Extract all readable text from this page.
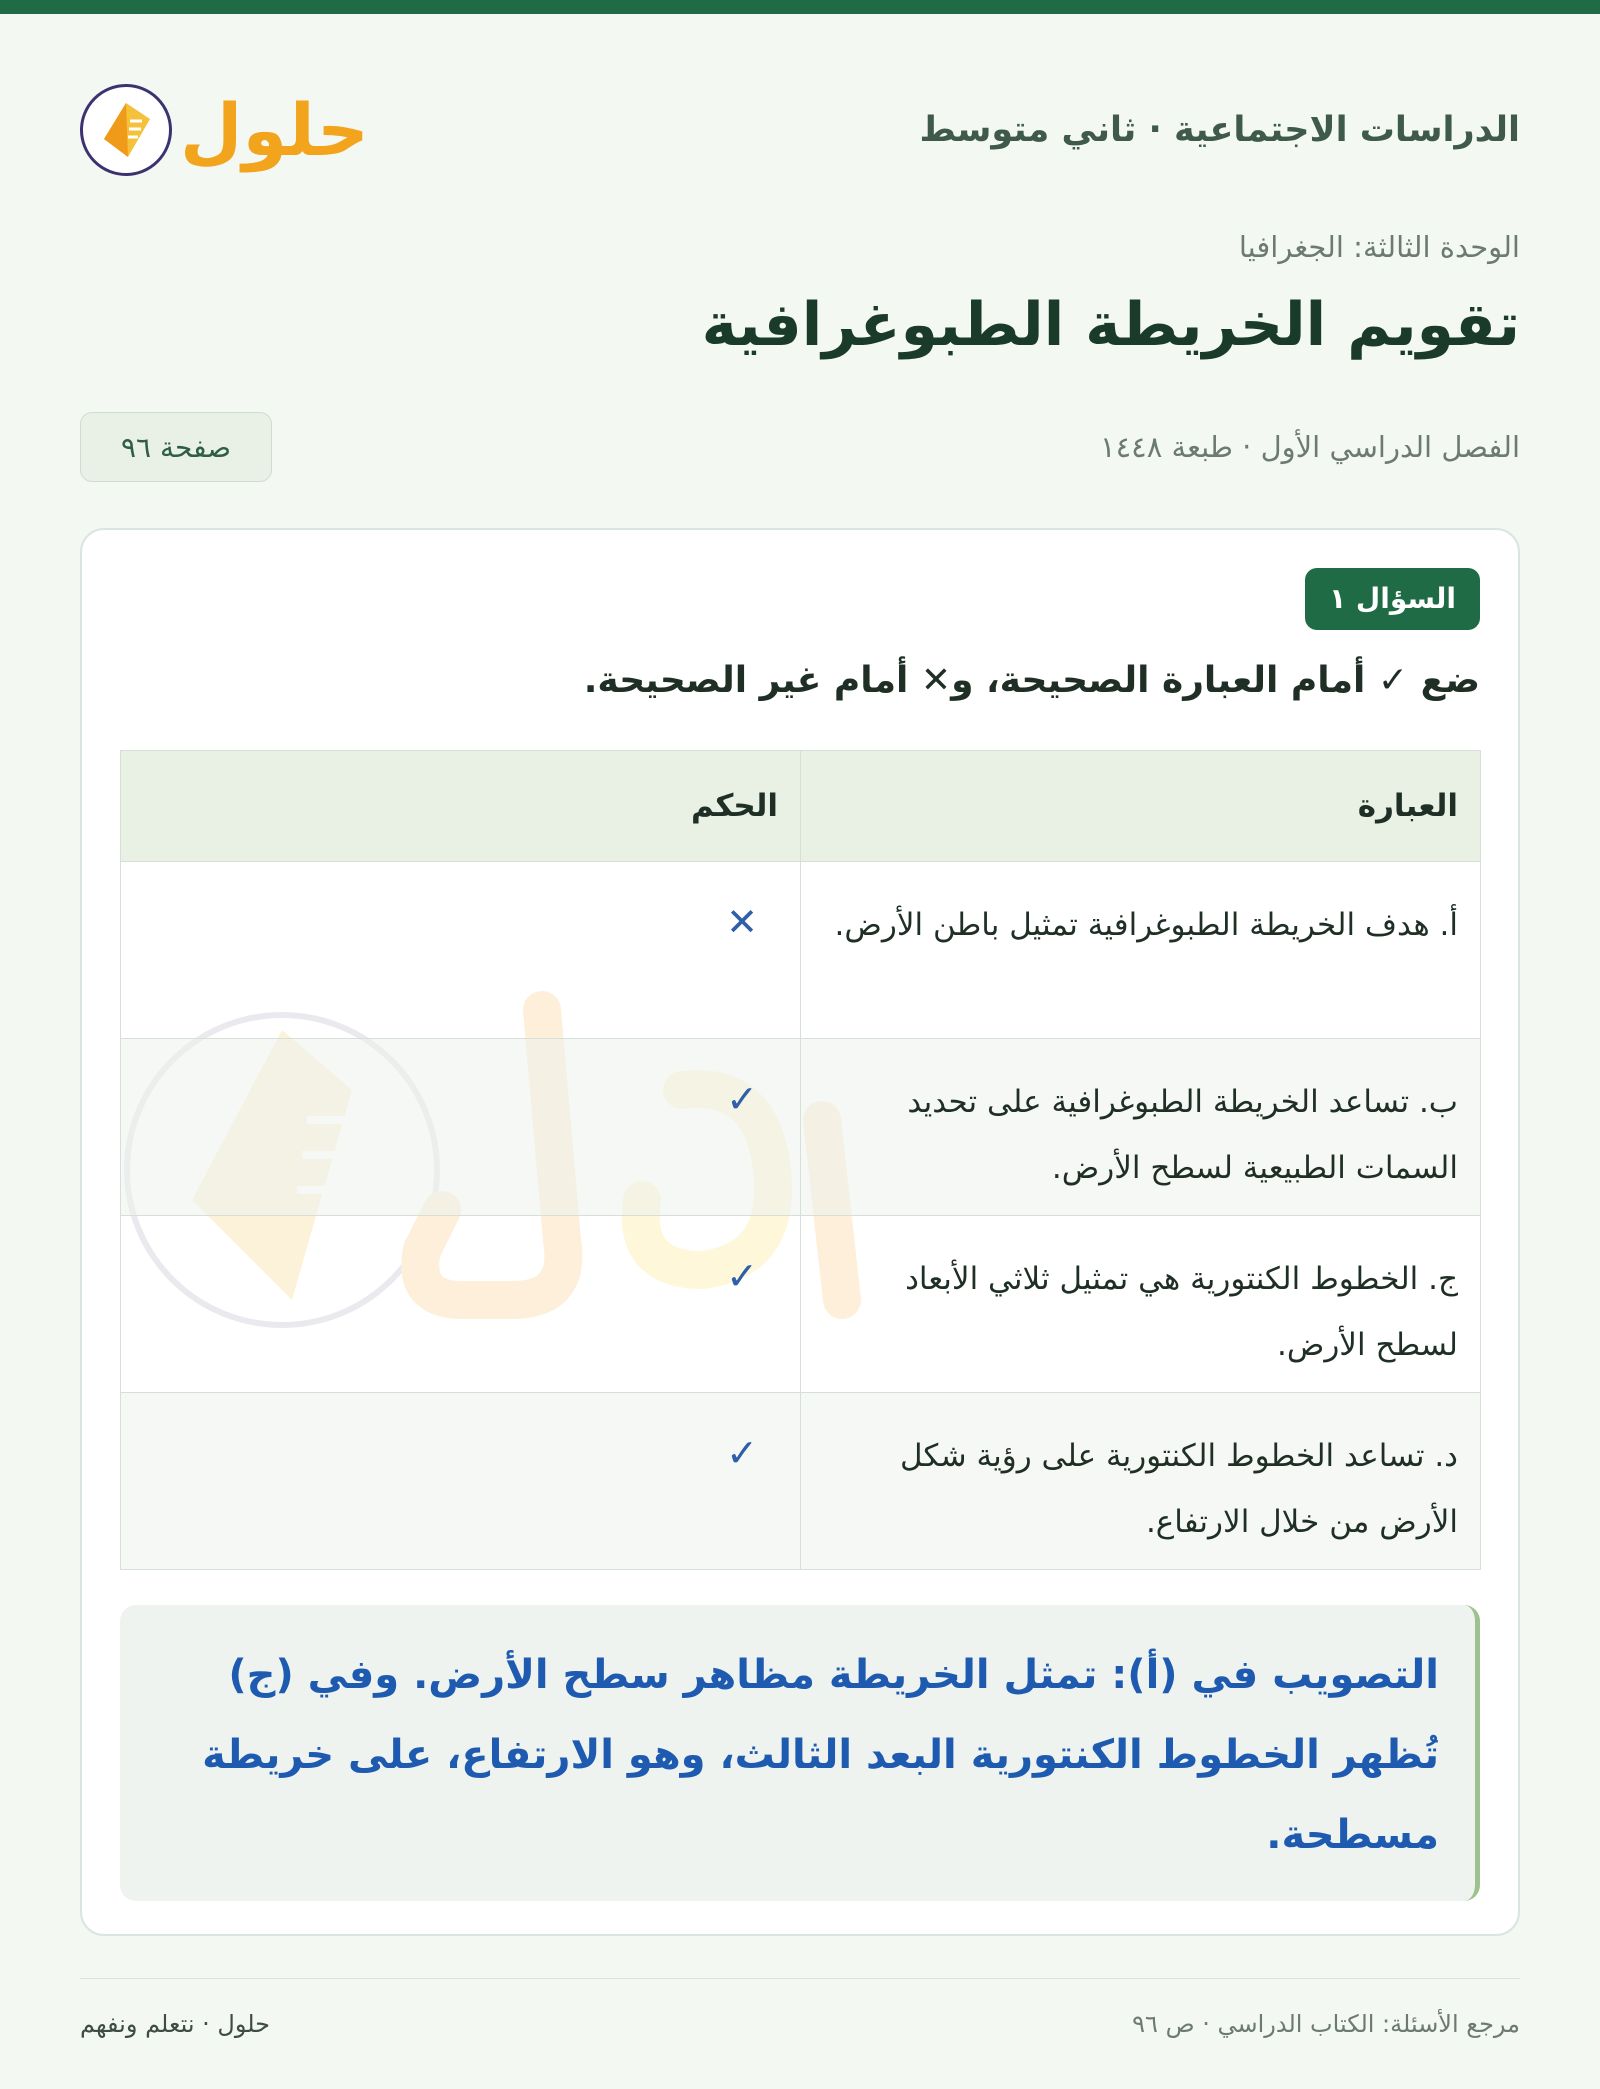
الدراسات الاجتماعية · ثاني متوسط
حلول
الوحدة الثالثة: الجغرافيا
تقويم الخريطة الطبوغرافية
الفصل الدراسي الأول · طبعة ١٤٤٨
صفحة ٩٦
السؤال ١
ضع ✓ أمام العبارة الصحيحة، و✕ أمام غير الصحيحة.
العبارة	الحكم
أ. هدف الخريطة الطبوغرافية تمثيل باطن الأرض.	✕
ب. تساعد الخريطة الطبوغرافية على تحديد السمات الطبيعية لسطح الأرض.	✓
ج. الخطوط الكنتورية هي تمثيل ثلاثي الأبعاد لسطح الأرض.	✓
د. تساعد الخطوط الكنتورية على رؤية شكل الأرض من خلال الارتفاع.	✓
التصويب في (أ): تمثل الخريطة مظاهر سطح الأرض. وفي (ج) تُظهر الخطوط الكنتورية البعد الثالث، وهو الارتفاع، على خريطة مسطحة.
مرجع الأسئلة: الكتاب الدراسي · ص ٩٦
حلول · نتعلم ونفهم
